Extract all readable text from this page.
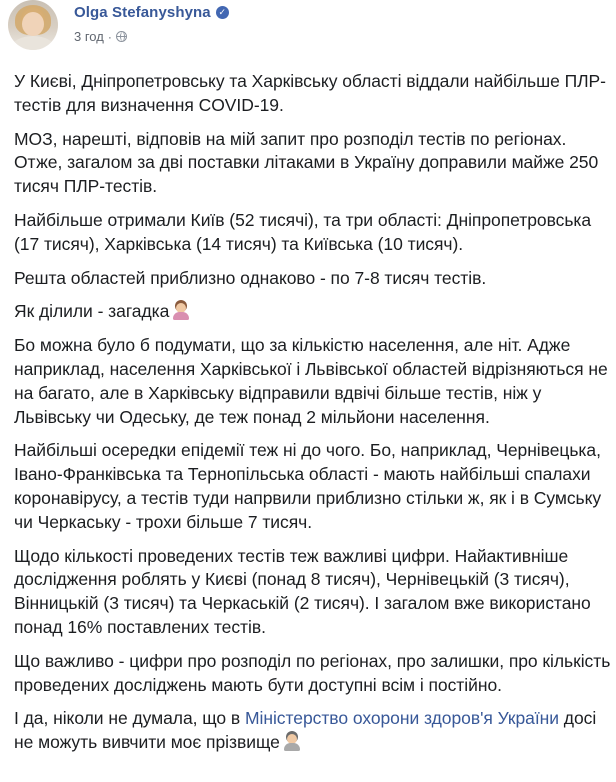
Olga Stefanyshyna ✓
3 год ·

У Києві, Дніпропетровську та Харківську області віддали найбільше ПЛР-тестів для визначення COVID-19.

МОЗ, нарешті, відповів на мій запит про розподіл тестів по регіонах. Отже, загалом за дві поставки літаками в Україну доправили майже 250 тисяч ПЛР-тестів.

Найбільше отримали Київ (52 тисячі), та три області: Дніпропетровська (17 тисяч), Харківська (14 тисяч) та Київська (10 тисяч).

Решта областей приблизно однаково - по 7-8 тисяч тестів.

Як ділили - загадка

Бо можна було б подумати, що за кількістю населення, але ніт. Адже наприклад, населення Харківської і Львівської областей відрізняються не на багато, але в Харківську відправили вдвічі більше тестів, ніж у Львівську чи Одеську, де теж понад 2 мільйони населення.

Найбільші осередки епідемії теж ні до чого. Бо, наприклад, Чернівецька, Івано-Франківська та Тернопільська області - мають найбільші спалахи коронавірусу, а тестів туди напрвили приблизно стільки ж, як і в Сумську чи Черкаську - трохи більше 7 тисяч.

Щодо кількості проведених тестів теж важливі цифри. Найактивніше дослідження роблять у Києві (понад 8 тисяч), Чернівецькій (3 тисяч), Вінницькій (3 тисяч) та Черкаській (2 тисяч). І загалом вже використано понад 16% поставлених тестів.

Що важливо - цифри про розподіл по регіонах, про залишки, про кількість проведених досліджень мають бути доступні всім і постійно.

І да, ніколи не думала, що в Міністерство охорони здоров'я України досі не можуть вивчити моє прізвище
